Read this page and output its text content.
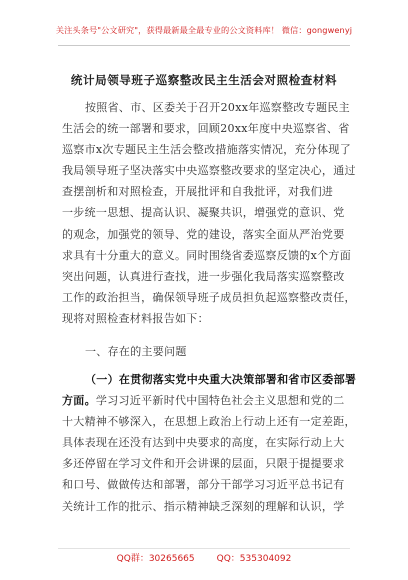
关注头条号"公文研究"，获得最新最全最专业的公文资料库！ 微信：gongwenyj
统计局领导班子巡察整改民主生活会对照检查材料
按照省、市、区委关于召开20xx年巡察整改专题民主
生活会的统一部署和要求，回顾20xx年度中央巡察省、省
巡察市x次专题民主生活会整改措施落实情况，充分体现了
我局领导班子坚决落实中央巡察整改要求的坚定决心，通过
查摆剖析和对照检查，开展批评和自我批评，对我们进
一步统一思想、提高认识、凝聚共识，增强党的意识、党
的观念，加强党的领导、党的建设，落实全面从严治党要
求具有十分重大的意义。同时围绕省委巡察反馈的x个方面
突出问题，认真进行查找，进一步强化我局落实巡察整改
工作的政治担当，确保领导班子成员担负起巡察整改责任，
现将对照检查材料报告如下：
一、存在的主要问题
（一）在贯彻落实党中央重大决策部署和省市区委部署
方面。学习习近平新时代中国特色社会主义思想和党的二
十大精神不够深入，在思想上政治上行动上还有一定差距，
具体表现在还没有达到中央要求的高度，在实际行动上大
多还停留在学习文件和开会讲课的层面，只限于提提要求
和口号、做做传达和部署，部分干部学习习近平总书记有
关统计工作的批示、指示精神缺乏深刻的理解和认识，学
QQ群：30265665 QQ：535304092
